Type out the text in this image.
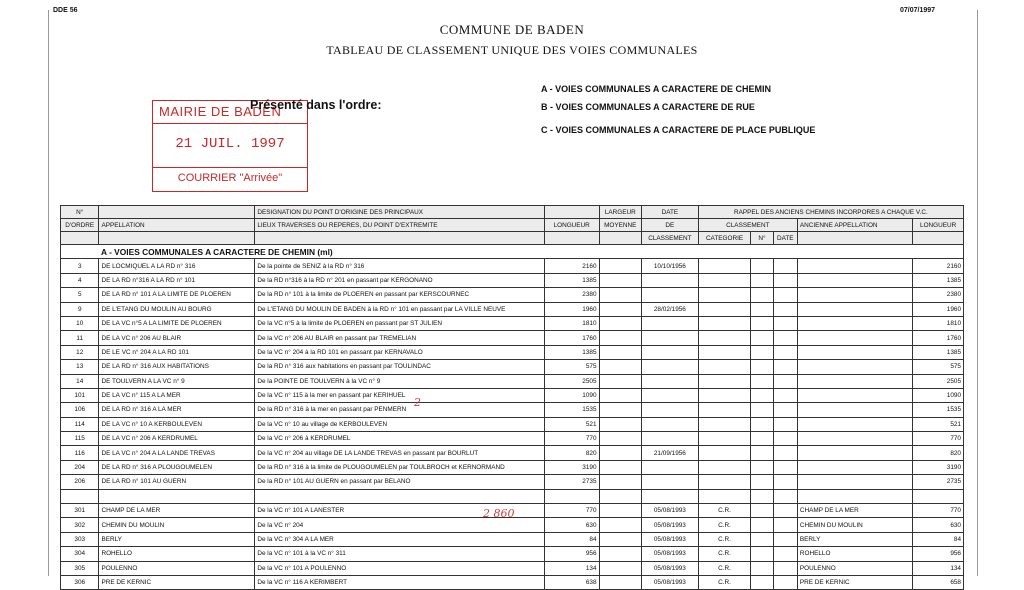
DDE 56	07/07/1997
COMMUNE DE BADEN
TABLEAU DE CLASSEMENT UNIQUE DES VOIES COMMUNALES
A - VOIES COMMUNALES A CARACTERE DE CHEMIN
B - VOIES COMMUNALES A CARACTERE DE RUE
C - VOIES COMMUNALES A CARACTERE DE PLACE PUBLIQUE
MAIRIE DE BADEN
21 JUIL. 1997
COURRIER "Arrivée"
Présenté dans l'ordre:
N°		DESIGNATION DU POINT D'ORIGINE DES PRINCIPAUX		LARGEUR	DATE	RAPPEL DES ANCIENS CHEMINS INCORPORES A CHAQUE V.C.				
D'ORDRE	APPELLATION	LIEUX TRAVERSES OU REPERES, DU POINT D'EXTREMITE	LONGUEUR	MOYENNE	DE	CLASSEMENT			ANCIENNE APPELLATION	LONGUEUR
					CLASSEMENT	CATEGORIE	N°	DATE		
A - VOIES COMMUNALES A CARACTERE DE CHEMIN (ml)										
3	DE LOCMIQUEL A LA RD n° 316	De la pointe de SENIZ à la RD n° 316	2160		10/10/1956					2160
4	DE LA RD n°316 A LA RD n° 101	De la RD n°316 à la RD n° 201 en passant par KERGONANO	1385							1385
5	DE LA RD n° 101 A LA LIMITE DE PLOEREN	De la RD n° 101 à la limite de PLOEREN en passant par KERSCOURNEC	2380							2380
9	DE L'ETANG DU MOULIN AU BOURG	De L'ETANG DU MOULIN DE BADEN à la RD n° 101 en passant par LA VILLE NEUVE	1960		28/02/1956					1960
10	DE LA VC n°5 A LA LIMITE DE PLOEREN	De la VC n°5 à la limite de PLOEREN en passant par ST JULIEN	1810							1810
11	DE LA VC n° 206 AU BLAIR	De la VC n° 206 AU BLAIR en passant par TREMELIAN	1760							1760
12	DE LE VC n° 204 A LA RD 101	De la VC n° 204 à la RD 101 en passant par KERNAVALO	1385							1385
13	DE LA RD n° 316 AUX HABITATIONS	De la RD n° 316 aux habitations en passant par TOULINDAC	575							575
14	DE TOULVERN A LA VC n° 9	De la POINTE DE TOULVERN à la VC n° 9	2505							2505
101	DE LA VC n° 115 A LA MER	De la VC n° 115 à la mer en passant par KERIHUEL	1090							1090
106	DE LA RD n° 316 A LA MER	De la RD n° 316 à la mer en passant par PENMERN	1535							1535
114	DE LA VC n° 10 A KERBOULEVEN	De la VC n° 10 au village de KERBOULEVEN	521							521
115	DE LA VC n° 206 A KERDRUMEL	De la VC n° 206 à KERDRUMEL	770							770
116	DE LA VC n° 204 A LA LANDE TREVAS	De la VC n° 204 au village DE LA LANDE TREVAS en passant par BOURLUT	820		21/09/1956					820
204	DE LA RD n° 316 A PLOUGOUMELEN	De la RD n° 316 à la limite de PLOUGOUMELEN par TOULBROCH et KERNORMAND	3190							3190
206	DE LA RD n° 101 AU GUERN	De la RD n° 101 AU GUERN en passant par BELANO	2735							2735

301	CHAMP DE LA MER	De la VC n° 101 A LANESTER	770		05/08/1993	C.R.			CHAMP DE LA MER	770
302	CHEMIN DU MOULIN	De la VC n° 204	630		05/08/1993	C.R.			CHEMIN DU MOULIN	630
303	BERLY	De la VC n° 304 A LA MER	84		05/08/1993	C.R.			BERLY	84
304	ROHELLO	De la VC n° 101 à la VC n° 311	956		05/08/1993	C.R.			ROHELLO	956
305	POULENNO	De la VC n° 101 A POULENNO	134		05/08/1993	C.R.			POULENNO	134
306	PRE DE KERNIC	De la VC n° 116 A KERIMBERT	638		05/08/1993	C.R.			PRE DE KERNIC	658
2
2 860
